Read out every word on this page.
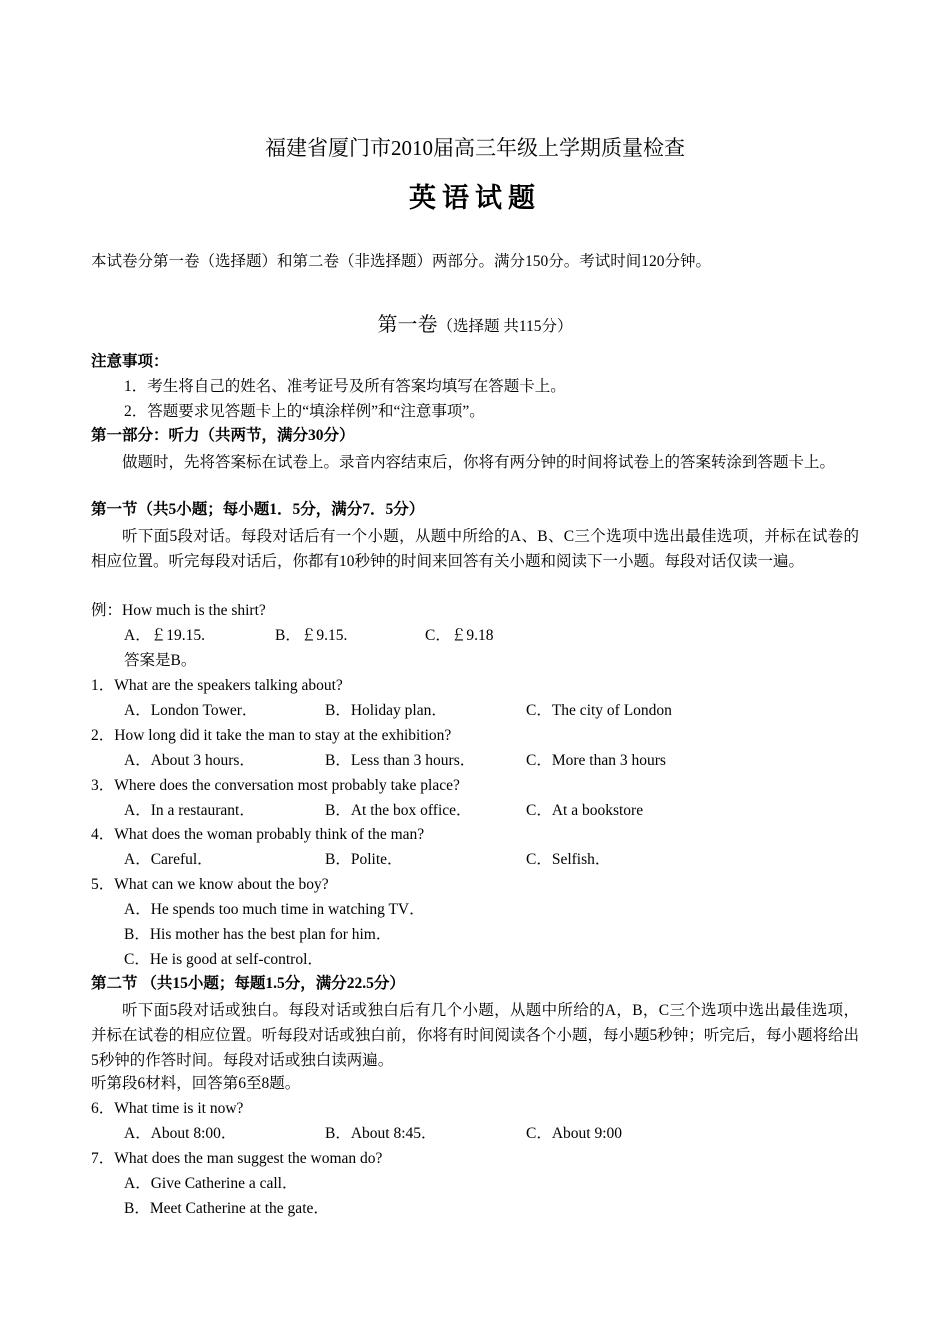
福建省厦门市2010届高三年级上学期质量检查
英语试题
本试卷分第一卷（选择题）和第二卷（非选择题）两部分。满分150分。考试时间120分钟。
第一卷（选择题 共115分）
注意事项：
1．考生将自己的姓名、准考证号及所有答案均填写在答题卡上。
2．答题要求见答题卡上的“填涂样例”和“注意事项”。
第一部分：听力（共两节，满分30分）
做题时，先将答案标在试卷上。录音内容结束后，你将有两分钟的时间将试卷上的答案转涂到答题卡上。
第一节（共5小题；每小题1．5分，满分7．5分）
听下面5段对话。每段对话后有一个小题，从题中所给的A、B、C三个选项中选出最佳选项，并标在试卷的相应位置。听完每段对话后，你都有10秒钟的时间来回答有关小题和阅读下一小题。每段对话仅读一遍。
例：How much is the shirt?
A．￡19.15.	B．￡9.15.	C．￡9.18
答案是B。
1．What are the speakers talking about?
A．London Tower．	B．Holiday plan．	C．The city of London
2．How long did it take the man to stay at the exhibition?
A．About 3 hours．	B．Less than 3 hours．	C．More than 3 hours
3．Where does the conversation most probably take place?
A．In a restaurant．	B．At the box office．	C．At a bookstore
4．What does the woman probably think of the man?
A．Careful．	B．Polite．	C．Selfish．
5．What can we know about the boy?
A．He spends too much time in watching TV．
B．His mother has the best plan for him．
C．He is good at self-control．
第二节 （共15小题；每题1.5分，满分22.5分）
听下面5段对话或独白。每段对话或独白后有几个小题，从题中所给的A，B，C三个选项中选出最佳选项，并标在试卷的相应位置。听每段对话或独白前，你将有时间阅读各个小题，每小题5秒钟；听完后，每小题将给出5秒钟的作答时间。每段对话或独白读两遍。
听第段6材料，回答第6至8题。
6．What time is it now?
A．About 8:00．	B．About 8:45．	C．About 9:00
7．What does the man suggest the woman do?
A．Give Catherine a call．
B．Meet Catherine at the gate．
